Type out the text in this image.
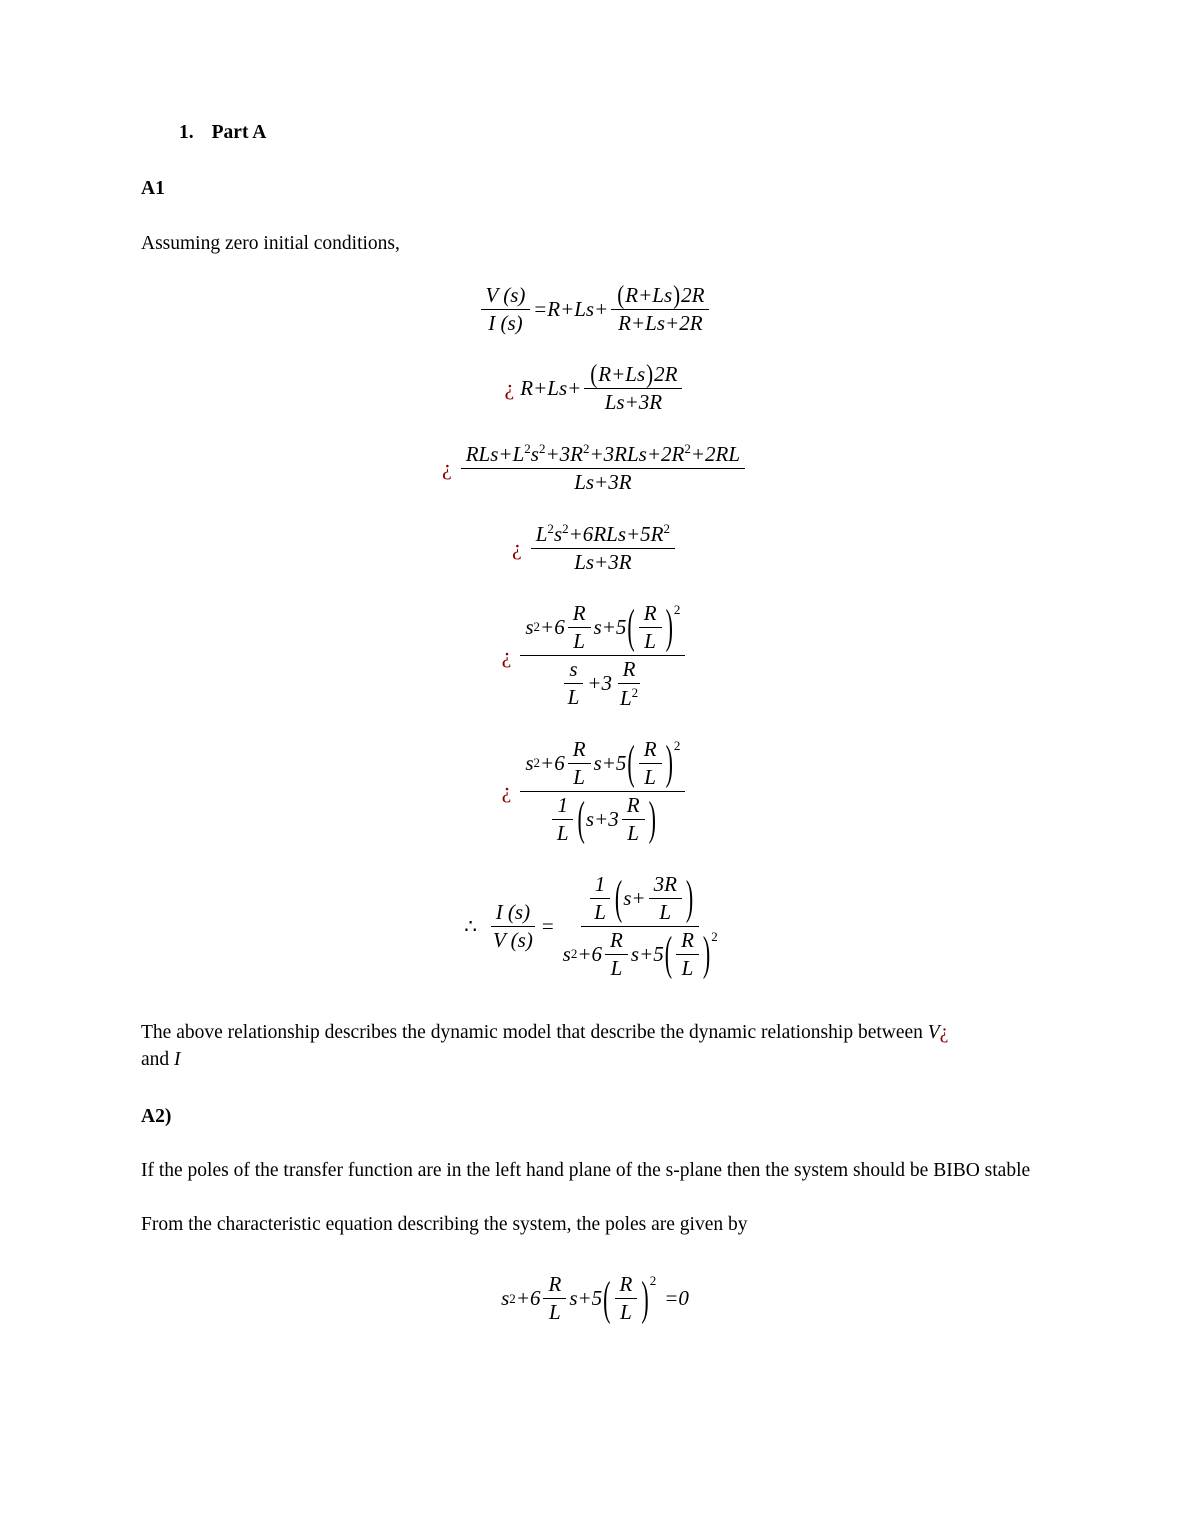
1. Part A
A1
Assuming zero initial conditions,
$\frac{V (s)}{I (s)} = R+Ls+ \frac{(R+Ls)2R}{R+Ls+2R}$
¿ $R+Ls+ \frac{(R+Ls)2R}{Ls+3R}$
¿ $\frac{RLs+L^2s^2+3R^2+3RLs+2R^2+2RL}{Ls+3R}$
¿ $\frac{L^2s^2+6RLs+5R^2}{Ls+3R}$
¿
s $2 +6 \frac{R}{L}$ s +5 ( $\frac{R}{L}$ ) 2
$\frac{s}{L} +3 \frac{R}{L^2}$
¿
s $2 +6 \frac{R}{L}$ s +5 ( $\frac{R}{L}$ ) 2
$\frac{1}{L}$ ( $s +3 \frac{R}{L}$ )
∴ $\frac{I (s)}{V (s)}$ =
$\frac{1}{L}$ ( $s + \frac{3R}{L}$ )
s $2 +6 \frac{R}{L}$ s +5 ( $\frac{R}{L}$ ) 2
The above relationship describes the dynamic model that describe the dynamic relationship between V¿
and I
A2)
If the poles of the transfer function are in the left hand plane of the s-plane then the system should be BIBO stable
From the characteristic equation describing the system, the poles are given by
s $2 +6 \frac{R}{L}$ s +5 ( $\frac{R}{L}$ ) 2
=0
